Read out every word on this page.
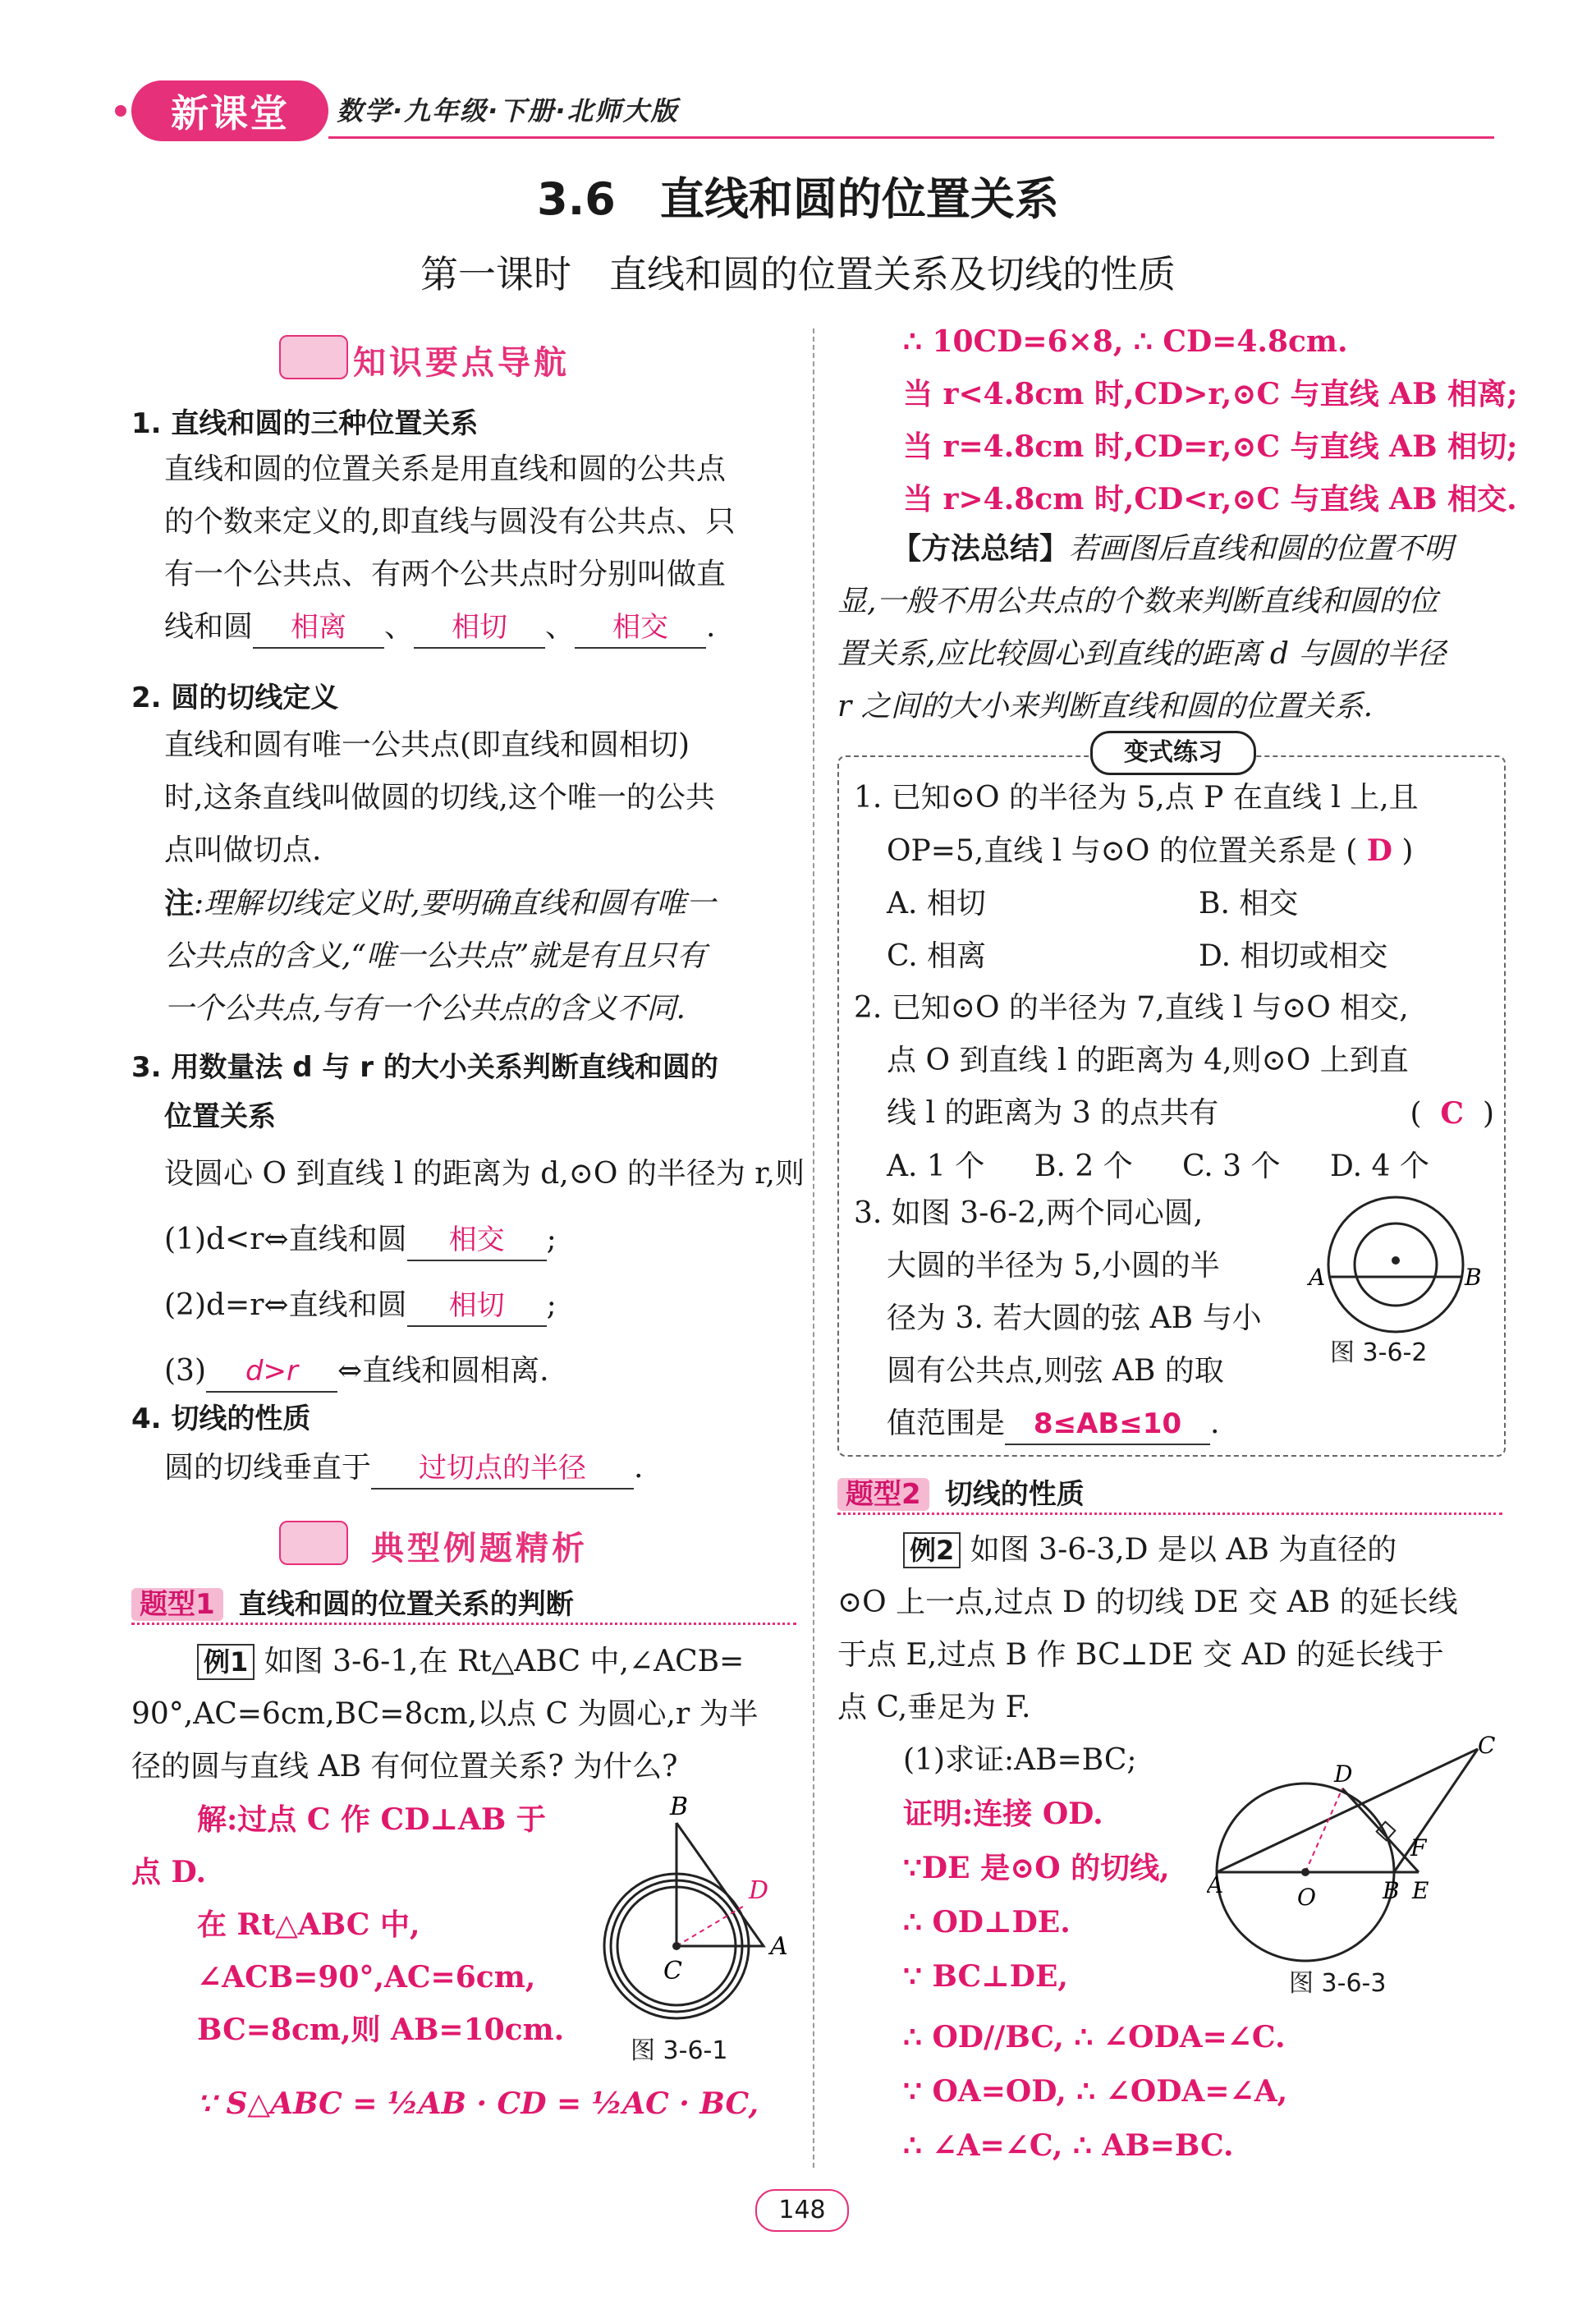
新课堂 数学·九年级·下册·北师大版
3.6　直线和圆的位置关系
第一课时　直线和圆的位置关系及切线的性质
知识要点导航
1. 直线和圆的三种位置关系
直线和圆的位置关系是用直线和圆的公共点
的个数来定义的,即直线与圆没有公共点、只
有一个公共点、有两个公共点时分别叫做直
线和圆 相离 、 相切 、 相交 .
2. 圆的切线定义
直线和圆有唯一公共点(即直线和圆相切)
时,这条直线叫做圆的切线,这个唯一的公共
点叫做切点.
注:理解切线定义时,要明确直线和圆有唯一
公共点的含义,“唯一公共点”就是有且只有
一个公共点,与有一个公共点的含义不同.
3. 用数量法 d 与 r 的大小关系判断直线和圆的
位置关系
设圆心 O 到直线 l 的距离为 d,⊙O 的半径为 r,则
(1)d<r⇔直线和圆 相交 ;
(2)d=r⇔直线和圆 相切 ;
(3) d>r ⇔直线和圆相离.
4. 切线的性质
圆的切线垂直于 过切点的半径 .
典型例题精析
题型1 直线和圆的位置关系的判断
例1 如图 3-6-1,在 Rt△ABC 中,∠ACB=
90°,AC=6cm,BC=8cm,以点 C 为圆心,r 为半
径的圆与直线 AB 有何位置关系? 为什么?
解:过点 C 作 CD⊥AB 于
点 D.
在 Rt△ABC 中,
∠ACB=90°,AC=6cm,
BC=8cm,则 AB=10cm.
∵ S△ABC = ½AB · CD = ½AC · BC,
B
C
A
D
图 3-6-1
∴ 10CD=6×8, ∴ CD=4.8cm.
当 r<4.8cm 时,CD>r,⊙C 与直线 AB 相离;
当 r=4.8cm 时,CD=r,⊙C 与直线 AB 相切;
当 r>4.8cm 时,CD<r,⊙C 与直线 AB 相交.
【方法总结】若画图后直线和圆的位置不明
显,一般不用公共点的个数来判断直线和圆的位
置关系,应比较圆心到直线的距离 d 与圆的半径
r 之间的大小来判断直线和圆的位置关系.
变式练习
1. 已知⊙O 的半径为 5,点 P 在直线 l 上,且
OP=5,直线 l 与⊙O 的位置关系是 ( D )
A. 相切	B. 相交
C. 相离	D. 相切或相交
2. 已知⊙O 的半径为 7,直线 l 与⊙O 相交,
点 O 到直线 l 的距离为 4,则⊙O 上到直
线 l 的距离为 3 的点共有	(  C  )
A. 1 个	B. 2 个	C. 3 个	D. 4 个
3. 如图 3-6-2,两个同心圆,
大圆的半径为 5,小圆的半
径为 3. 若大圆的弦 AB 与小
圆有公共点,则弦 AB 的取
值范围是 8≤AB≤10 .
A	B
图 3-6-2
题型2 切线的性质
例2 如图 3-6-3,D 是以 AB 为直径的
⊙O 上一点,过点 D 的切线 DE 交 AB 的延长线
于点 E,过点 B 作 BC⊥DE 交 AD 的延长线于
点 C,垂足为 F.
(1)求证:AB=BC;
证明:连接 OD.
∵DE 是⊙O 的切线,
∴ OD⊥DE.
∵ BC⊥DE,
∴ OD//BC, ∴ ∠ODA=∠C.
∵ OA=OD, ∴ ∠ODA=∠A,
∴ ∠A=∠C, ∴ AB=BC.
A	O
D
C
F
B E
图 3-6-3
148
